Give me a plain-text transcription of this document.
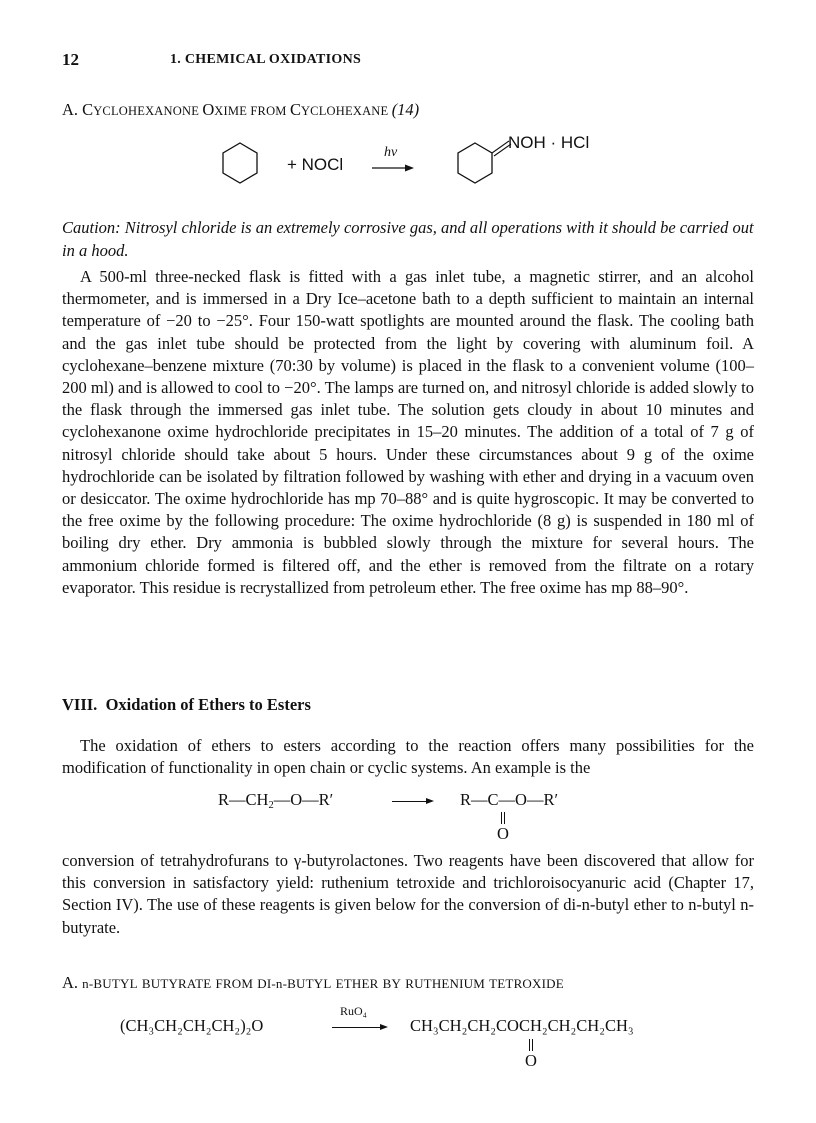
12	1. CHEMICAL OXIDATIONS
A. CYCLOHEXANONE OXIME FROM CYCLOHEXANE (14)
+ NOCl
hν
NOH · HCl
Caution: Nitrosyl chloride is an extremely corrosive gas, and all operations with it should be carried out in a hood.
A 500-ml three-necked flask is fitted with a gas inlet tube, a magnetic stirrer, and an alcohol thermometer, and is immersed in a Dry Ice–acetone bath to a depth sufficient to maintain an internal temperature of −20 to −25°. Four 150-watt spotlights are mounted around the flask. The cooling bath and the gas inlet tube should be protected from the light by covering with aluminum foil. A cyclohexane–benzene mixture (70:30 by volume) is placed in the flask to a convenient volume (100–200 ml) and is allowed to cool to −20°. The lamps are turned on, and nitrosyl chloride is added slowly to the flask through the immersed gas inlet tube. The solution gets cloudy in about 10 minutes and cyclohexanone oxime hydrochloride precipitates in 15–20 minutes. The addition of a total of 7 g of nitrosyl chloride should take about 5 hours. Under these circumstances about 9 g of the oxime hydrochloride can be isolated by filtration followed by washing with ether and drying in a vacuum oven or desiccator. The oxime hydrochloride has mp 70–88° and is quite hygroscopic. It may be converted to the free oxime by the following procedure: The oxime hydrochloride (8 g) is suspended in 180 ml of boiling dry ether. Dry ammonia is bubbled slowly through the mixture for several hours. The ammonium chloride formed is filtered off, and the ether is removed from the filtrate on a rotary evaporator. This residue is recrystallized from petroleum ether. The free oxime has mp 88–90°.
VIII. Oxidation of Ethers to Esters
The oxidation of ethers to esters according to the reaction offers many possibilities for the modification of functionality in open chain or cyclic systems. An example is the
$R—CH_2—O—R'$	R—C—O—R′
O
conversion of tetrahydrofurans to γ-butyrolactones. Two reagents have been discovered that allow for this conversion in satisfactory yield: ruthenium tetroxide and trichloroisocyanuric acid (Chapter 17, Section IV). The use of these reagents is given below for the conversion of di-n-butyl ether to n-butyl n-butyrate.
A. n-BUTYL BUTYRATE FROM DI-n-BUTYL ETHER BY RUTHENIUM TETROXIDE
(CH₃CH₂CH₂CH₂)₂O
RuO₄
CH₃CH₂CH₂COCH₂CH₂CH₂CH₃
O
